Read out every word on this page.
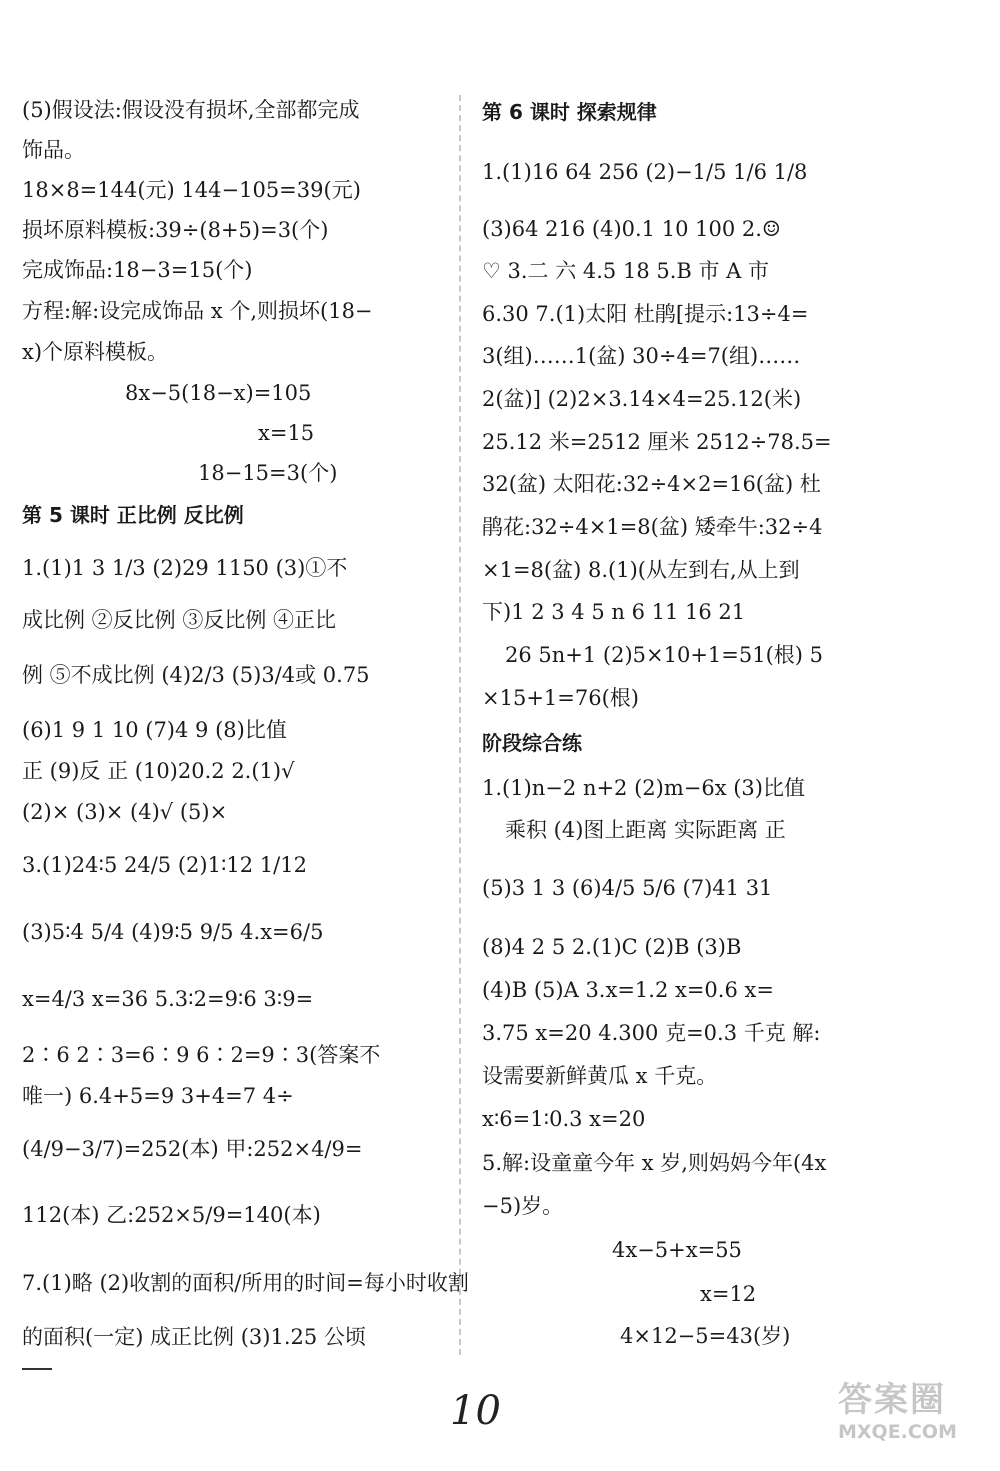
(5)假设法:假设没有损坏,全部都完成
饰品。
18×8=144(元) 144−105=39(元)
损坏原料模板:39÷(8+5)=3(个)
完成饰品:18−3=15(个)
方程:解:设完成饰品 x 个,则损坏(18−
x)个原料模板。
8x−5(18−x)=105
x=15
18−15=3(个)
第 5 课时 正比例 反比例
1.(1)1 3 1/3 (2)29 1150 (3)①不
成比例 ②反比例 ③反比例 ④正比
例 ⑤不成比例 (4)2/3 (5)3/4或 0.75
(6)1 9 1 10 (7)4 9 (8)比值
正 (9)反 正 (10)20.2 2.(1)√
(2)× (3)× (4)√ (5)×
3.(1)24∶5 24/5 (2)1∶12 1/12
(3)5∶4 5/4 (4)9∶5 9/5 4.x=6/5
x=4/3 x=36 5.3∶2=9∶6 3∶9=
2∶6 2∶3=6∶9 6∶2=9∶3(答案不
唯一) 6.4+5=9 3+4=7 4÷
(4/9−3/7)=252(本) 甲:252×4/9=
112(本) 乙:252×5/9=140(本)
7.(1)略 (2)收割的面积/所用的时间=每小时收割
的面积(一定) 成正比例 (3)1.25 公顷
第 6 课时 探索规律
1.(1)16 64 256 (2)−1/5 1/6 1/8
(3)64 216 (4)0.1 10 100 2.☺
♡ 3.二 六 4.5 18 5.B 市 A 市
6.30 7.(1)太阳 杜鹃[提示:13÷4=
3(组)……1(盆) 30÷4=7(组)……
2(盆)] (2)2×3.14×4=25.12(米)
25.12 米=2512 厘米 2512÷78.5=
32(盆) 太阳花:32÷4×2=16(盆) 杜
鹃花:32÷4×1=8(盆) 矮牵牛:32÷4
×1=8(盆) 8.(1)(从左到右,从上到
下)1 2 3 4 5 n 6 11 16 21
26 5n+1 (2)5×10+1=51(根) 5
×15+1=76(根)
阶段综合练
1.(1)n−2 n+2 (2)m−6x (3)比值
乘积 (4)图上距离 实际距离 正
(5)3 1 3 (6)4/5 5/6 (7)41 31
(8)4 2 5 2.(1)C (2)B (3)B
(4)B (5)A 3.x=1.2 x=0.6 x=
3.75 x=20 4.300 克=0.3 千克 解:
设需要新鲜黄瓜 x 千克。
x∶6=1∶0.3 x=20
5.解:设童童今年 x 岁,则妈妈今年(4x
−5)岁。
4x−5+x=55
x=12
4×12−5=43(岁)
10	答案圈
MXQE.COM
